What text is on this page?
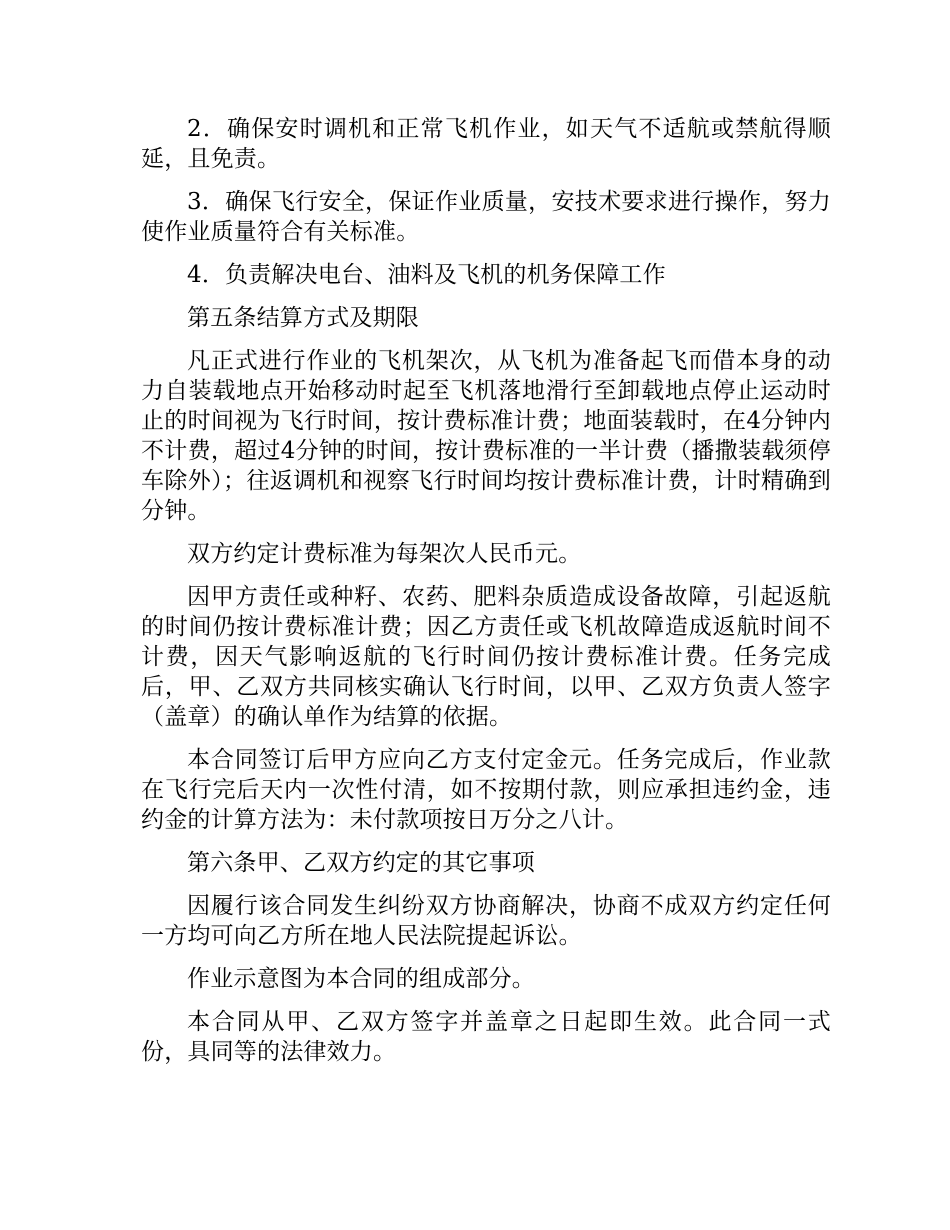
2．确保安时调机和正常飞机作业，如天气不适航或禁航得顺延，且免责。

3．确保飞行安全，保证作业质量，安技术要求进行操作，努力使作业质量符合有关标准。

4．负责解决电台、油料及飞机的机务保障工作

第五条结算方式及期限

凡正式进行作业的飞机架次，从飞机为准备起飞而借本身的动力自装载地点开始移动时起至飞机落地滑行至卸载地点停止运动时止的时间视为飞行时间，按计费标准计费；地面装载时，在4分钟内不计费，超过4分钟的时间，按计费标准的一半计费（播撒装载须停车除外）；往返调机和视察飞行时间均按计费标准计费，计时精确到分钟。

双方约定计费标准为每架次人民币元。

因甲方责任或种籽、农药、肥料杂质造成设备故障，引起返航的时间仍按计费标准计费；因乙方责任或飞机故障造成返航时间不计费，因天气影响返航的飞行时间仍按计费标准计费。任务完成后，甲、乙双方共同核实确认飞行时间，以甲、乙双方负责人签字（盖章）的确认单作为结算的依据。

本合同签订后甲方应向乙方支付定金元。任务完成后，作业款在飞行完后天内一次性付清，如不按期付款，则应承担违约金，违约金的计算方法为：未付款项按日万分之八计。

第六条甲、乙双方约定的其它事项

因履行该合同发生纠纷双方协商解决，协商不成双方约定任何一方均可向乙方所在地人民法院提起诉讼。

作业示意图为本合同的组成部分。

本合同从甲、乙双方签字并盖章之日起即生效。此合同一式份，具同等的法律效力。
